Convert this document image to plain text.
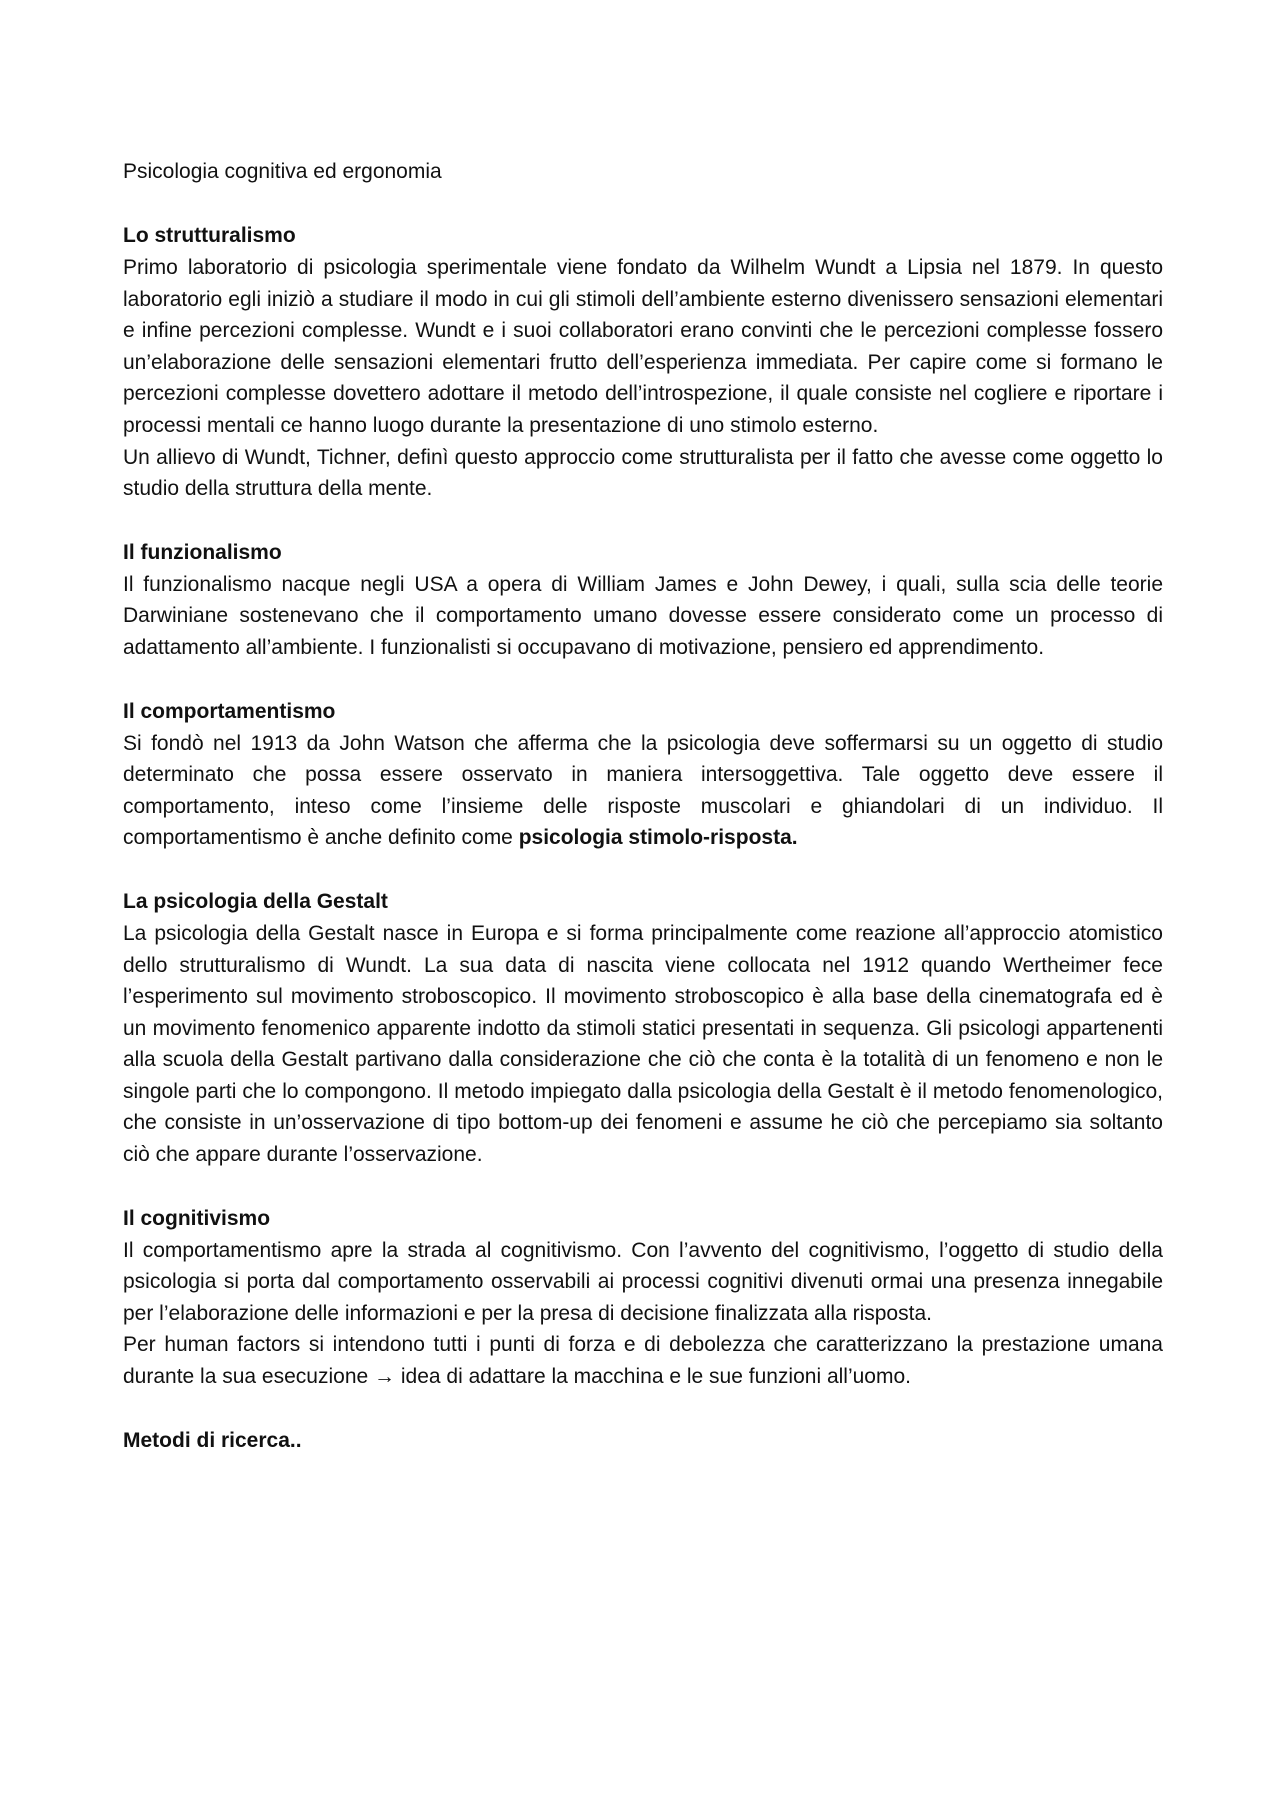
Psicologia cognitiva ed ergonomia

Lo strutturalismo

Primo laboratorio di psicologia sperimentale viene fondato da Wilhelm Wundt a Lipsia nel 1879. In questo laboratorio egli iniziò a studiare il modo in cui gli stimoli dell’ambiente esterno divenissero sensazioni elementari e infine percezioni complesse. Wundt e i suoi collaboratori erano convinti che le percezioni complesse fossero un’elaborazione delle sensazioni elementari frutto dell’esperienza immediata. Per capire come si formano le percezioni complesse dovettero adottare il metodo dell’introspezione, il quale consiste nel cogliere e riportare i processi mentali ce hanno luogo durante la presentazione di uno stimolo esterno.

Un allievo di Wundt, Tichner, definì questo approccio come strutturalista per il fatto che avesse come oggetto lo studio della struttura della mente.

Il funzionalismo

Il funzionalismo nacque negli USA a opera di William James e John Dewey, i quali, sulla scia delle teorie Darwiniane sostenevano che il comportamento umano dovesse essere considerato come un processo di adattamento all’ambiente. I funzionalisti si occupavano di motivazione, pensiero ed apprendimento.

Il comportamentismo

Si fondò nel 1913 da John Watson che afferma che la psicologia deve soffermarsi su un oggetto di studio determinato che possa essere osservato in maniera intersoggettiva. Tale oggetto deve essere il comportamento, inteso come l’insieme delle risposte muscolari e ghiandolari di un individuo. Il comportamentismo è anche definito come psicologia stimolo-risposta.

La psicologia della Gestalt

La psicologia della Gestalt nasce in Europa e si forma principalmente come reazione all’approccio atomistico dello strutturalismo di Wundt. La sua data di nascita viene collocata nel 1912 quando Wertheimer fece l’esperimento sul movimento stroboscopico. Il movimento stroboscopico è alla base della cinematografa ed è un movimento fenomenico apparente indotto da stimoli statici presentati in sequenza. Gli psicologi appartenenti alla scuola della Gestalt partivano dalla considerazione che ciò che conta è la totalità di un fenomeno e non le singole parti che lo compongono. Il metodo impiegato dalla psicologia della Gestalt è il metodo fenomenologico, che consiste in un’osservazione di tipo bottom-up dei fenomeni e assume he ciò che percepiamo sia soltanto ciò che appare durante l’osservazione.

Il cognitivismo

Il comportamentismo apre la strada al cognitivismo. Con l’avvento del cognitivismo, l’oggetto di studio della psicologia si porta dal comportamento osservabili ai processi cognitivi divenuti ormai una presenza innegabile per l’elaborazione delle informazioni e per la presa di decisione finalizzata alla risposta.

Per human factors si intendono tutti i punti di forza e di debolezza che caratterizzano la prestazione umana durante la sua esecuzione → idea di adattare la macchina e le sue funzioni all’uomo.

Metodi di ricerca..
